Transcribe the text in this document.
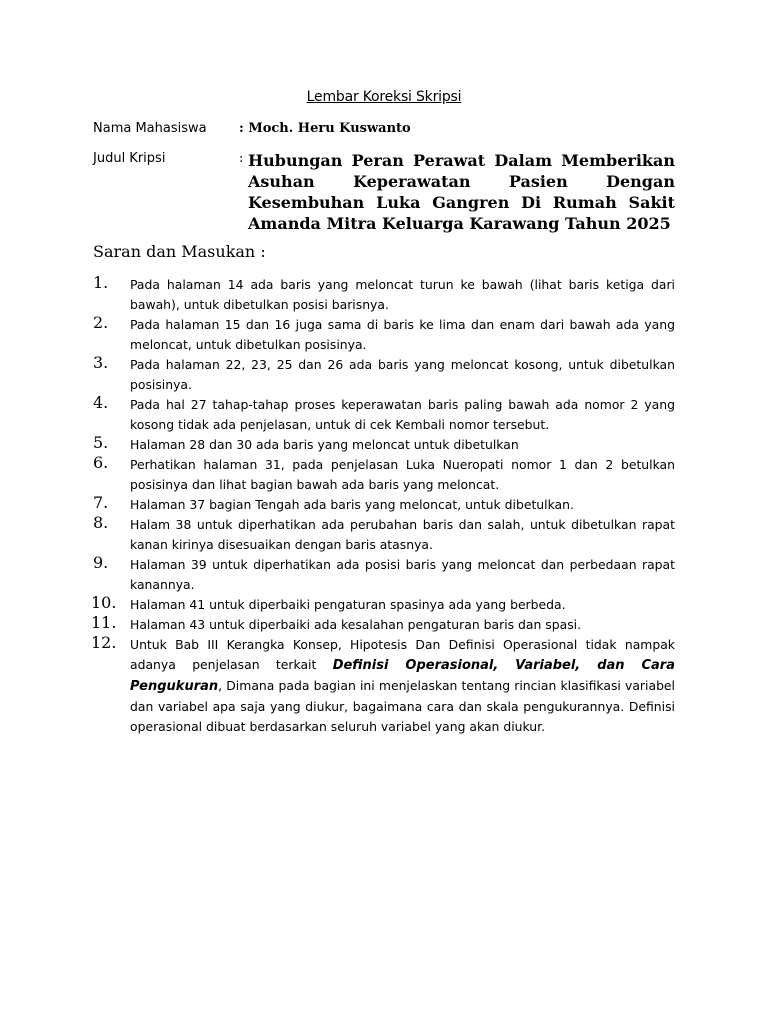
Lembar Koreksi Skripsi
Nama Mahasiswa : Moch. Heru Kuswanto
Judul Kripsi	: Hubungan Peran Perawat Dalam Memberikan Asuhan Keperawatan Pasien Dengan Kesembuhan Luka Gangren Di Rumah Sakit Amanda Mitra Keluarga Karawang Tahun 2025
Saran dan Masukan :
1. Pada halaman 14 ada baris yang meloncat turun ke bawah (lihat baris ketiga dari bawah), untuk dibetulkan posisi barisnya.
2. Pada halaman 15 dan 16 juga sama di baris ke lima dan enam dari bawah ada yang meloncat, untuk dibetulkan posisinya.
3. Pada halaman 22, 23, 25 dan 26 ada baris yang meloncat kosong, untuk dibetulkan posisinya.
4. Pada hal 27 tahap-tahap proses keperawatan baris paling bawah ada nomor 2 yang kosong tidak ada penjelasan, untuk di cek Kembali nomor tersebut.
5. Halaman 28 dan 30 ada baris yang meloncat untuk dibetulkan
6. Perhatikan halaman 31, pada penjelasan Luka Nueropati nomor 1 dan 2 betulkan posisinya dan lihat bagian bawah ada baris yang meloncat.
7. Halaman 37 bagian Tengah ada baris yang meloncat, untuk dibetulkan.
8. Halam 38 untuk diperhatikan ada perubahan baris dan salah, untuk dibetulkan rapat kanan kirinya disesuaikan dengan baris atasnya.
9. Halaman 39 untuk diperhatikan ada posisi baris yang meloncat dan perbedaan rapat kanannya.
10. Halaman 41 untuk diperbaiki pengaturan spasinya ada yang berbeda.
11. Halaman 43 untuk diperbaiki ada kesalahan pengaturan baris dan spasi.
12. Untuk Bab III Kerangka Konsep, Hipotesis Dan Definisi Operasional tidak nampak adanya penjelasan terkait Definisi Operasional, Variabel, dan Cara Pengukuran, Dimana pada bagian ini menjelaskan tentang rincian klasifikasi variabel dan variabel apa saja yang diukur, bagaimana cara dan skala pengukurannya. Definisi operasional dibuat berdasarkan seluruh variabel yang akan diukur.
